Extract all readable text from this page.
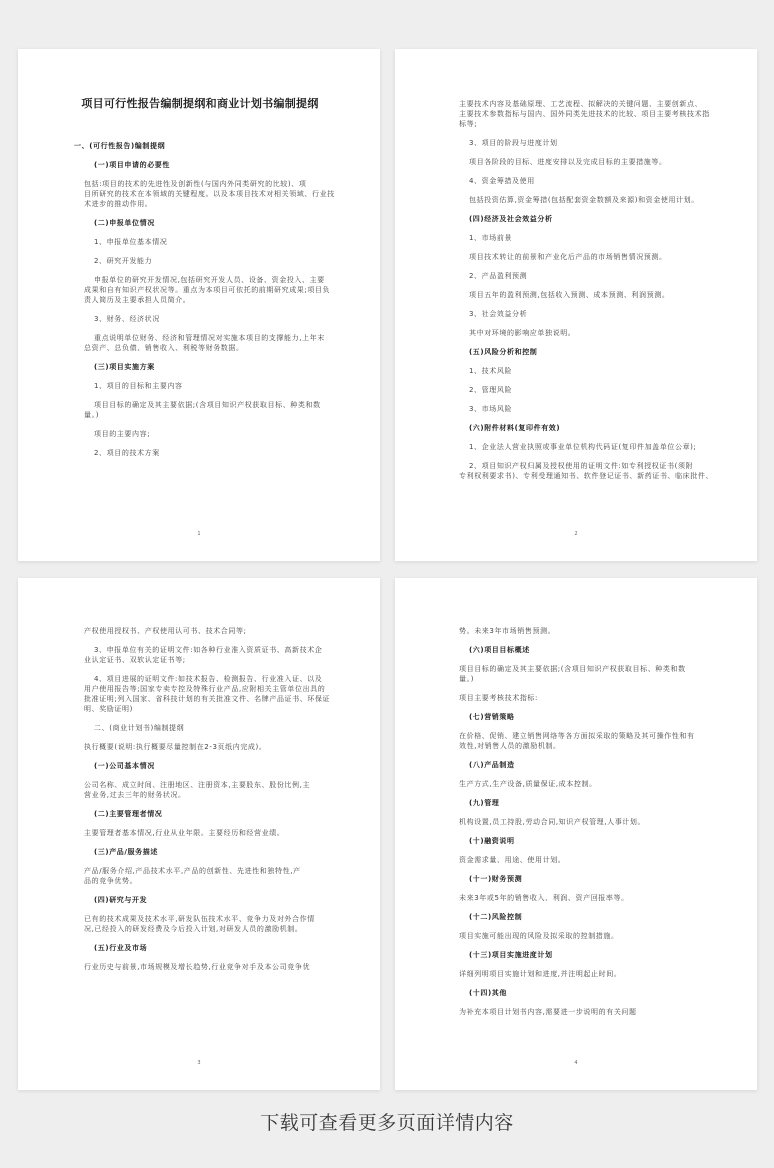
项目可行性报告编制提纲和商业计划书编制提纲
一、(可行性报告)编制提纲
(一)项目申请的必要性
包括:项目的技术的先进性及创新性(与国内外同类研究的比较)、项
目所研究的技术在本领域的关键程度。以及本项目技术对相关领域、行业技
术进步的推动作用。
(二)申报单位情况
1、申报单位基本情况
2、研究开发能力
申报单位的研究开发情况,包括研究开发人员、设备、资金投入、主要
成果和自有知识产权状况等。重点为本项目可依托的前期研究成果;项目负
责人简历及主要承担人员简介。
3、财务、经济状况
重点说明单位财务、经济和管理情况对实施本项目的支撑能力,上年末
总资产、总负债、销售收入、利税等财务数据。
(三)项目实施方案
1、项目的目标和主要内容
项目目标的确定及其主要依据;(含项目知识产权获取目标、种类和数
量。)
项目的主要内容;
2、项目的技术方案
1
主要技术内容及基础原理、工艺流程、拟解决的关键问题、主要创新点、
主要技术参数指标与国内、国外同类先进技术的比较、项目主要考核技术指
标等;
3、项目的阶段与进度计划
项目各阶段的目标、进度安排以及完成目标的主要措施等。
4、资金筹措及使用
包括投资估算,资金筹措(包括配套资金数额及来源)和资金使用计划。
(四)经济及社会效益分析
1、市场前景
项目技术转让的前景和产业化后产品的市场销售情况预测。
2、产品盈利预测
项目五年的盈利预测,包括收入预测、成本预测、利润预测。
3、社会效益分析
其中对环境的影响应单独说明。
(五)风险分析和控制
1、技术风险
2、管理风险
3、市场风险
(六)附件材料(复印件有效)
1、企业法人营业执照或事业单位机构代码证(复印件加盖单位公章);
2、项目知识产权归属及授权使用的证明文件:如专利授权证书(须附
专利权利要求书)、专利受理通知书、软件登记证书、新药证书、临床批件、
2
产权使用授权书、产权使用认可书、技术合同等;
3、申报单位有关的证明文件:如各种行业准入资质证书、高新技术企
业认定证书、双软认定证书等;
4、项目进展的证明文件:如技术报告、检测报告、行业准入证、以及
用户使用报告等;国家专卖专控及特殊行业产品,应附相关主管单位出具的
批准证明;列入国家、省科技计划的有关批准文件、名牌产品证书、环保证
明、奖励证明)
二、(商业计划书)编制提纲
执行概要(说明:执行概要尽量控制在2-3页纸内完成)。
(一)公司基本情况
公司名称、成立时间、注册地区、注册资本,主要股东、股份比例,主
营业务,过去三年的财务状况。
(二)主要管理者情况
主要管理者基本情况,行业从业年限。主要经历和经营业绩。
(三)产品/服务描述
产品/服务介绍,产品技术水平,产品的创新性、先进性和独特性,产
品的竞争优势。
(四)研究与开发
已有的技术成果及技术水平,研发队伍技术水平、竞争力及对外合作情
况,已经投入的研发经费及今后投入计划,对研发人员的激励机制。
(五)行业及市场
行业历史与前景,市场规模及增长趋势,行业竞争对手及本公司竞争优
3
势。未来3年市场销售预测。
(六)项目目标概述
项目目标的确定及其主要依据;(含项目知识产权获取目标、种类和数
量。)
项目主要考核技术指标:
(七)营销策略
在价格、促销、建立销售网络等各方面拟采取的策略及其可操作性和有
效性,对销售人员的激励机制。
(八)产品制造
生产方式,生产设备,质量保证,成本控制。
(九)管理
机构设置,员工持股,劳动合同,知识产权管理,人事计划。
(十)融资说明
资金需求量、用途、使用计划。
(十一)财务预测
未来3年或5年的销售收入、利润、资产回报率等。
(十二)风险控制
项目实施可能出现的风险及拟采取的控制措施。
(十三)项目实施进度计划
详细列明项目实施计划和进度,并注明起止时间。
(十四)其他
为补充本项目计划书内容,需要进一步说明的有关问题
4
下载可查看更多页面详情内容
